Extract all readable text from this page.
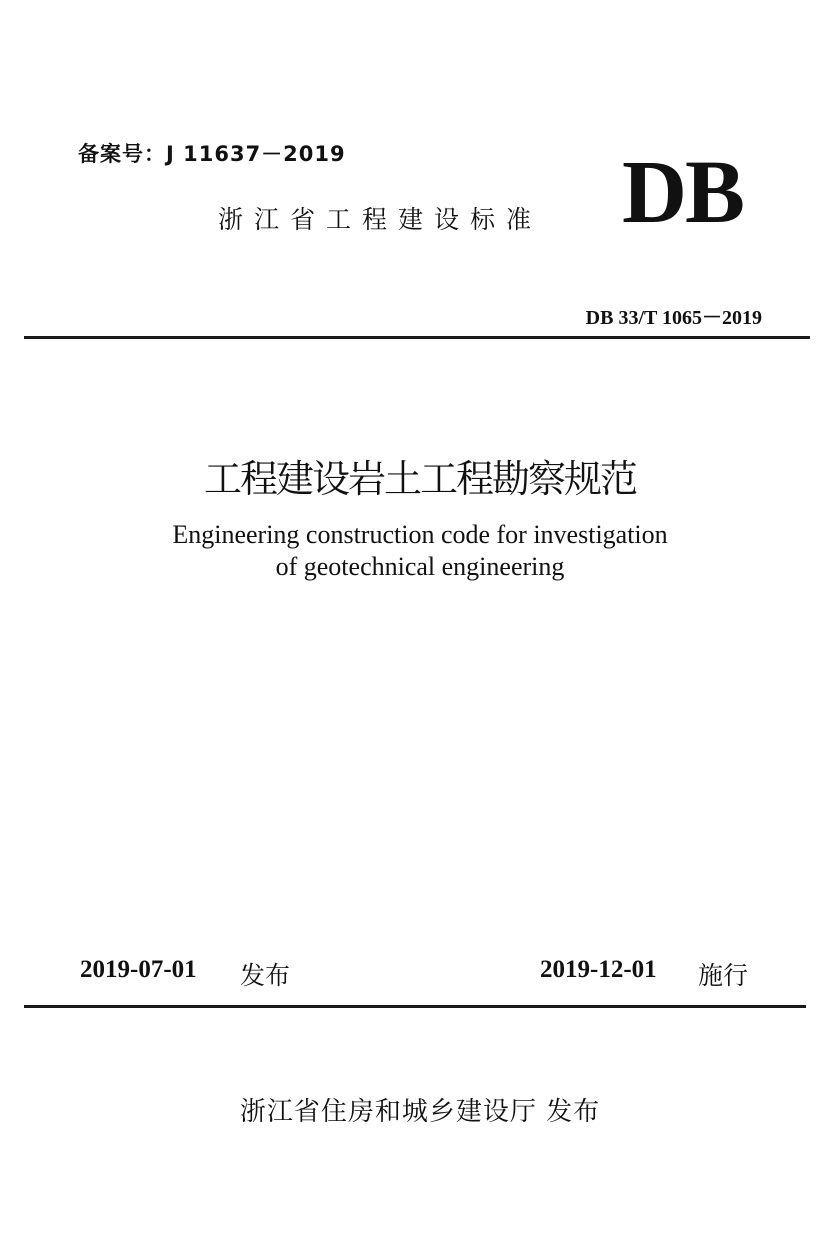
备案号：J 11637－2019
浙江省工程建设标准 DB
DB 33/T 1065－2019
工程建设岩土工程勘察规范
Engineering construction code for investigation
of geotechnical engineering
2019-07-01 发布	2019-12-01 施行
浙江省住房和城乡建设厅 发布
